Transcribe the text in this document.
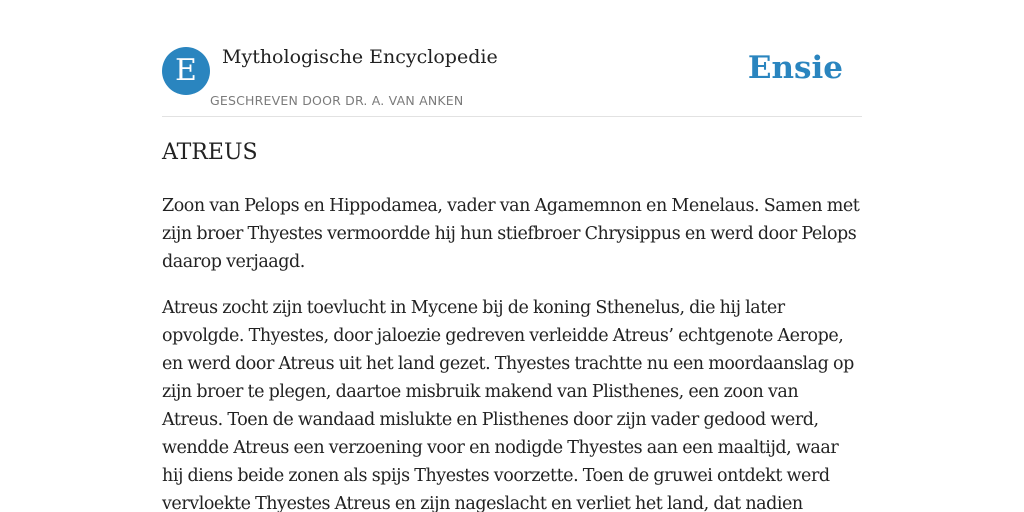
E	Mythologische Encyclopedie
GESCHREVEN DOOR DR. A. VAN ANKEN
Ensie
ATREUS

Zoon van Pelops en Hippodamea, vader van Agamemnon en Menelaus. Samen met zijn broer Thyestes vermoordde hij hun stiefbroer Chrysippus en werd door Pelops daarop verjaagd.

Atreus zocht zijn toevlucht in Mycene bij de koning Sthenelus, die hij later opvolgde. Thyestes, door jaloezie gedreven verleidde Atreus’ echtgenote Aerope, en werd door Atreus uit het land gezet. Thyestes trachtte nu een moordaanslag op zijn broer te plegen, daartoe misbruik makend van Plisthenes, een zoon van Atreus. Toen de wandaad mislukte en Plisthenes door zijn vader gedood werd, wendde Atreus een verzoening voor en nodigde Thyestes aan een maaltijd, waar hij diens beide zonen als spijs Thyestes voorzette. Toen de gruwei ontdekt werd vervloekte Thyestes Atreus en zijn nageslacht en verliet het land, dat nadien
